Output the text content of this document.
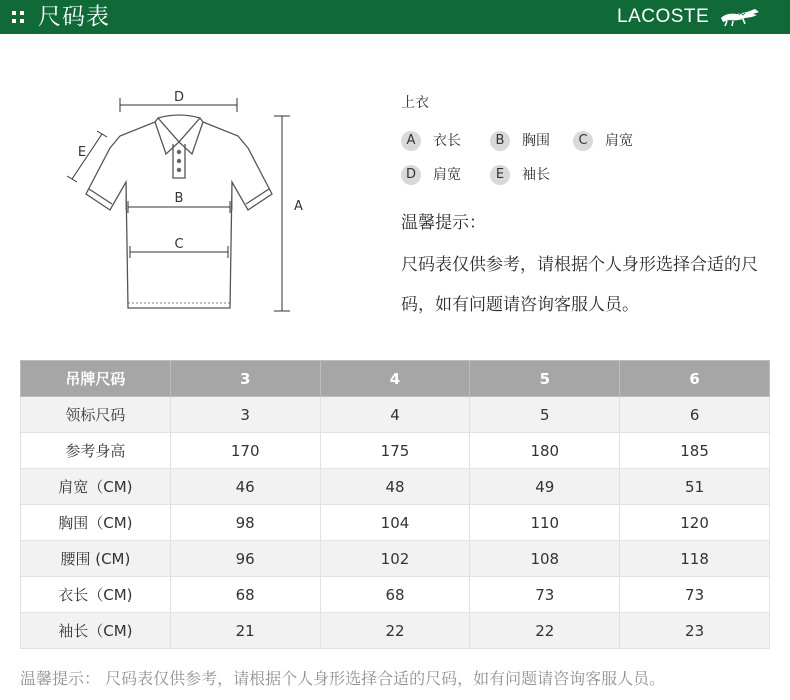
尺码表	LACOSTE
D
E
A
B
C
上衣
A	衣长	B	胸围	C	肩宽
D	肩宽	E	袖长
温馨提示：
尺码表仅供参考，请根据个人身形选择合适的尺码，如有问题请咨询客服人员。
吊牌尺码	3	4	5	6
领标尺码	3	4	5	6
参考身高	170	175	180	185
肩宽（CM)	46	48	49	51
胸围（CM)	98	104	110	120
腰围 (CM)	96	102	108	118
衣长（CM)	68	68	73	73
袖长（CM)	21	22	22	23
温馨提示： 尺码表仅供参考，请根据个人身形选择合适的尺码，如有问题请咨询客服人员。
